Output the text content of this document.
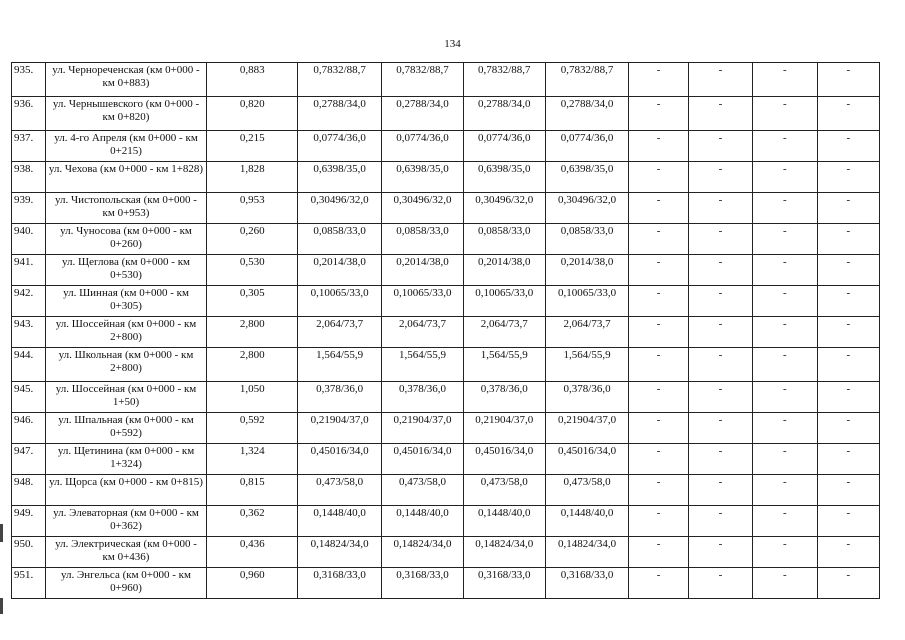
134
935.	ул. Чернореченская (км 0+000 - км 0+883)	0,883	0,7832/88,7	0,7832/88,7	0,7832/88,7	0,7832/88,7	-	-	-	-
936.	ул. Чернышевского (км 0+000 - км 0+820)	0,820	0,2788/34,0	0,2788/34,0	0,2788/34,0	0,2788/34,0	-	-	-	-
937.	ул. 4-го Апреля (км 0+000 - км 0+215)	0,215	0,0774/36,0	0,0774/36,0	0,0774/36,0	0,0774/36,0	-	-	-	-
938.	ул. Чехова (км 0+000 - км 1+828)	1,828	0,6398/35,0	0,6398/35,0	0,6398/35,0	0,6398/35,0	-	-	-	-
939.	ул. Чистопольская (км 0+000 - км 0+953)	0,953	0,30496/32,0	0,30496/32,0	0,30496/32,0	0,30496/32,0	-	-	-	-
940.	ул. Чуносова (км 0+000 - км 0+260)	0,260	0,0858/33,0	0,0858/33,0	0,0858/33,0	0,0858/33,0	-	-	-	-
941.	ул. Щеглова (км 0+000 - км 0+530)	0,530	0,2014/38,0	0,2014/38,0	0,2014/38,0	0,2014/38,0	-	-	-	-
942.	ул. Шинная (км 0+000 - км 0+305)	0,305	0,10065/33,0	0,10065/33,0	0,10065/33,0	0,10065/33,0	-	-	-	-
943.	ул. Шоссейная (км 0+000 - км 2+800)	2,800	2,064/73,7	2,064/73,7	2,064/73,7	2,064/73,7	-	-	-	-
944.	ул. Школьная (км 0+000 - км 2+800)	2,800	1,564/55,9	1,564/55,9	1,564/55,9	1,564/55,9	-	-	-	-
945.	ул. Шоссейная (км 0+000 - км 1+50)	1,050	0,378/36,0	0,378/36,0	0,378/36,0	0,378/36,0	-	-	-	-
946.	ул. Шпальная (км 0+000 - км 0+592)	0,592	0,21904/37,0	0,21904/37,0	0,21904/37,0	0,21904/37,0	-	-	-	-
947.	ул. Щетинина (км 0+000 - км 1+324)	1,324	0,45016/34,0	0,45016/34,0	0,45016/34,0	0,45016/34,0	-	-	-	-
948.	ул. Щорса (км 0+000 - км 0+815)	0,815	0,473/58,0	0,473/58,0	0,473/58,0	0,473/58,0	-	-	-	-
949.	ул. Элеваторная (км 0+000 - км 0+362)	0,362	0,1448/40,0	0,1448/40,0	0,1448/40,0	0,1448/40,0	-	-	-	-
950.	ул. Электрическая (км 0+000 - км 0+436)	0,436	0,14824/34,0	0,14824/34,0	0,14824/34,0	0,14824/34,0	-	-	-	-
951.	ул. Энгельса (км 0+000 - км 0+960)	0,960	0,3168/33,0	0,3168/33,0	0,3168/33,0	0,3168/33,0	-	-	-	-
